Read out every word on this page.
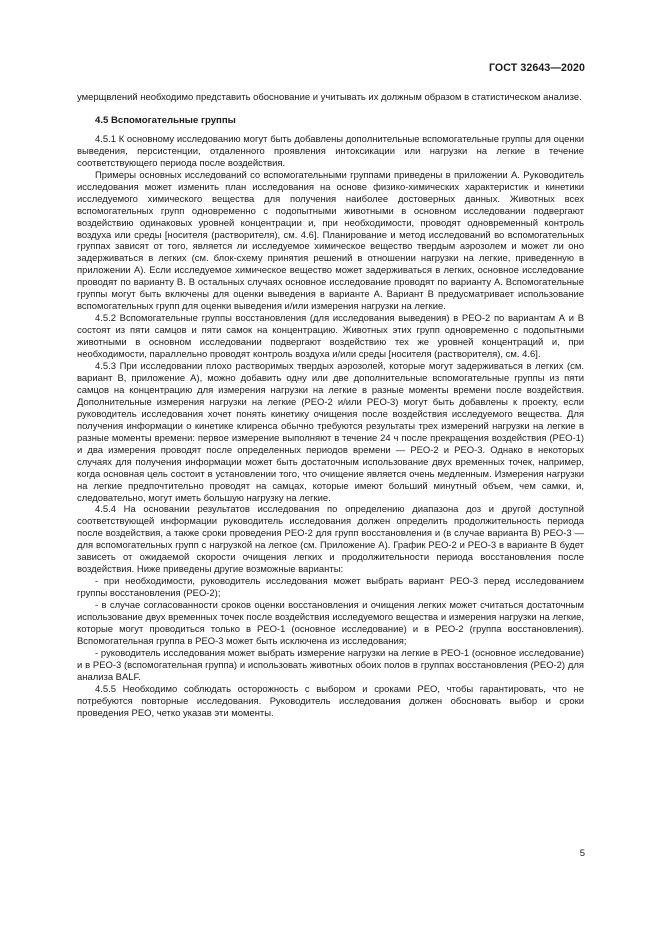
ГОСТ 32643—2020

умерщвлений необходимо представить обоснование и учитывать их должным образом в статистическом анализе.

4.5 Вспомогательные группы

4.5.1 К основному исследованию могут быть добавлены дополнительные вспомогательные группы для оценки выведения, персистенции, отдаленного проявления интоксикации или нагрузки на легкие в течение соответствующего периода после воздействия.

Примеры основных исследований со вспомогательными группами приведены в приложении А. Руководитель исследования может изменить план исследования на основе физико-химических характеристик и кинетики исследуемого химического вещества для получения наиболее достоверных данных. Животных всех вспомогательных групп одновременно с подопытными животными в основном исследовании подвергают воздействию одинаковых уровней концентрации и, при необходимости, проводят одновременный контроль воздуха или среды [носителя (растворителя), см. 4.6]. Планирование и метод исследований во вспомогательных группах зависят от того, является ли исследуемое химическое вещество твердым аэрозолем и может ли оно задерживаться в легких (см. блок-схему принятия решений в отношении нагрузки на легкие, приведенную в приложении А). Если исследуемое химическое вещество может задерживаться в легких, основное исследование проводят по варианту В. В остальных случаях основное исследование проводят по варианту А. Вспомогательные группы могут быть включены для оценки выведения в варианте А. Вариант В предусматривает использование вспомогательных групп для оценки выведения и/или измерения нагрузки на легкие.

4.5.2 Вспомогательные группы восстановления (для исследования выведения) в РЕО-2 по вариантам А и В состоят из пяти самцов и пяти самок на концентрацию. Животных этих групп одновременно с подопытными животными в основном исследовании подвергают воздействию тех же уровней концентраций и, при необходимости, параллельно проводят контроль воздуха и/или среды [носителя (растворителя), см. 4.6].

4.5.3 При исследовании плохо растворимых твердых аэрозолей, которые могут задерживаться в легких (см. вариант В, приложение А), можно добавить одну или две дополнительные вспомогательные группы из пяти самцов на концентрацию для измерения нагрузки на легкие в разные моменты времени после воздействия. Дополнительные измерения нагрузки на легкие (РЕО-2 и/или РЕО-3) могут быть добавлены к проекту, если руководитель исследования хочет понять кинетику очищения после воздействия исследуемого вещества. Для получения информации о кинетике клиренса обычно требуются результаты трех измерений нагрузки на легкие в разные моменты времени: первое измерение выполняют в течение 24 ч после прекращения воздействия (РЕО-1) и два измерения проводят после определенных периодов времени — РЕО-2 и РЕО-3. Однако в некоторых случаях для получения информации может быть достаточным использование двух временных точек, например, когда основная цель состоит в установлении того, что очищение является очень медленным. Измерения нагрузки на легкие предпочтительно проводят на самцах, которые имеют больший минутный объем, чем самки, и, следовательно, могут иметь большую нагрузку на легкие.

4.5.4 На основании результатов исследования по определению диапазона доз и другой доступной соответствующей информации руководитель исследования должен определить продолжительность периода после воздействия, а также сроки проведения РЕО-2 для групп восстановления и (в случае варианта В) РЕО-3 — для вспомогательных групп с нагрузкой на легкое (см. Приложение А). График РЕО-2 и РЕО-3 в варианте В будет зависеть от ожидаемой скорости очищения легких и продолжительности периода восстановления после воздействия. Ниже приведены другие возможные варианты:

- при необходимости, руководитель исследования может выбрать вариант РЕО-3 перед исследованием группы восстановления (РЕО-2);

- в случае согласованности сроков оценки восстановления и очищения легких может считаться достаточным использование двух временных точек после воздействия исследуемого вещества и измерения нагрузки на легкие, которые могут проводиться только в РЕО-1 (основное исследование) и в РЕО-2 (группа восстановления). Вспомогательная группа в РЕО-3 может быть исключена из исследования;

- руководитель исследования может выбрать измерение нагрузки на легкие в РЕО-1 (основное исследование) и в РЕО-3 (вспомогательная группа) и использовать животных обоих полов в группах восстановления (РЕО-2) для анализа BALF.

4.5.5 Необходимо соблюдать осторожность с выбором и сроками РЕО, чтобы гарантировать, что не потребуются повторные исследования. Руководитель исследования должен обосновать выбор и сроки проведения РЕО, четко указав эти моменты.

5
